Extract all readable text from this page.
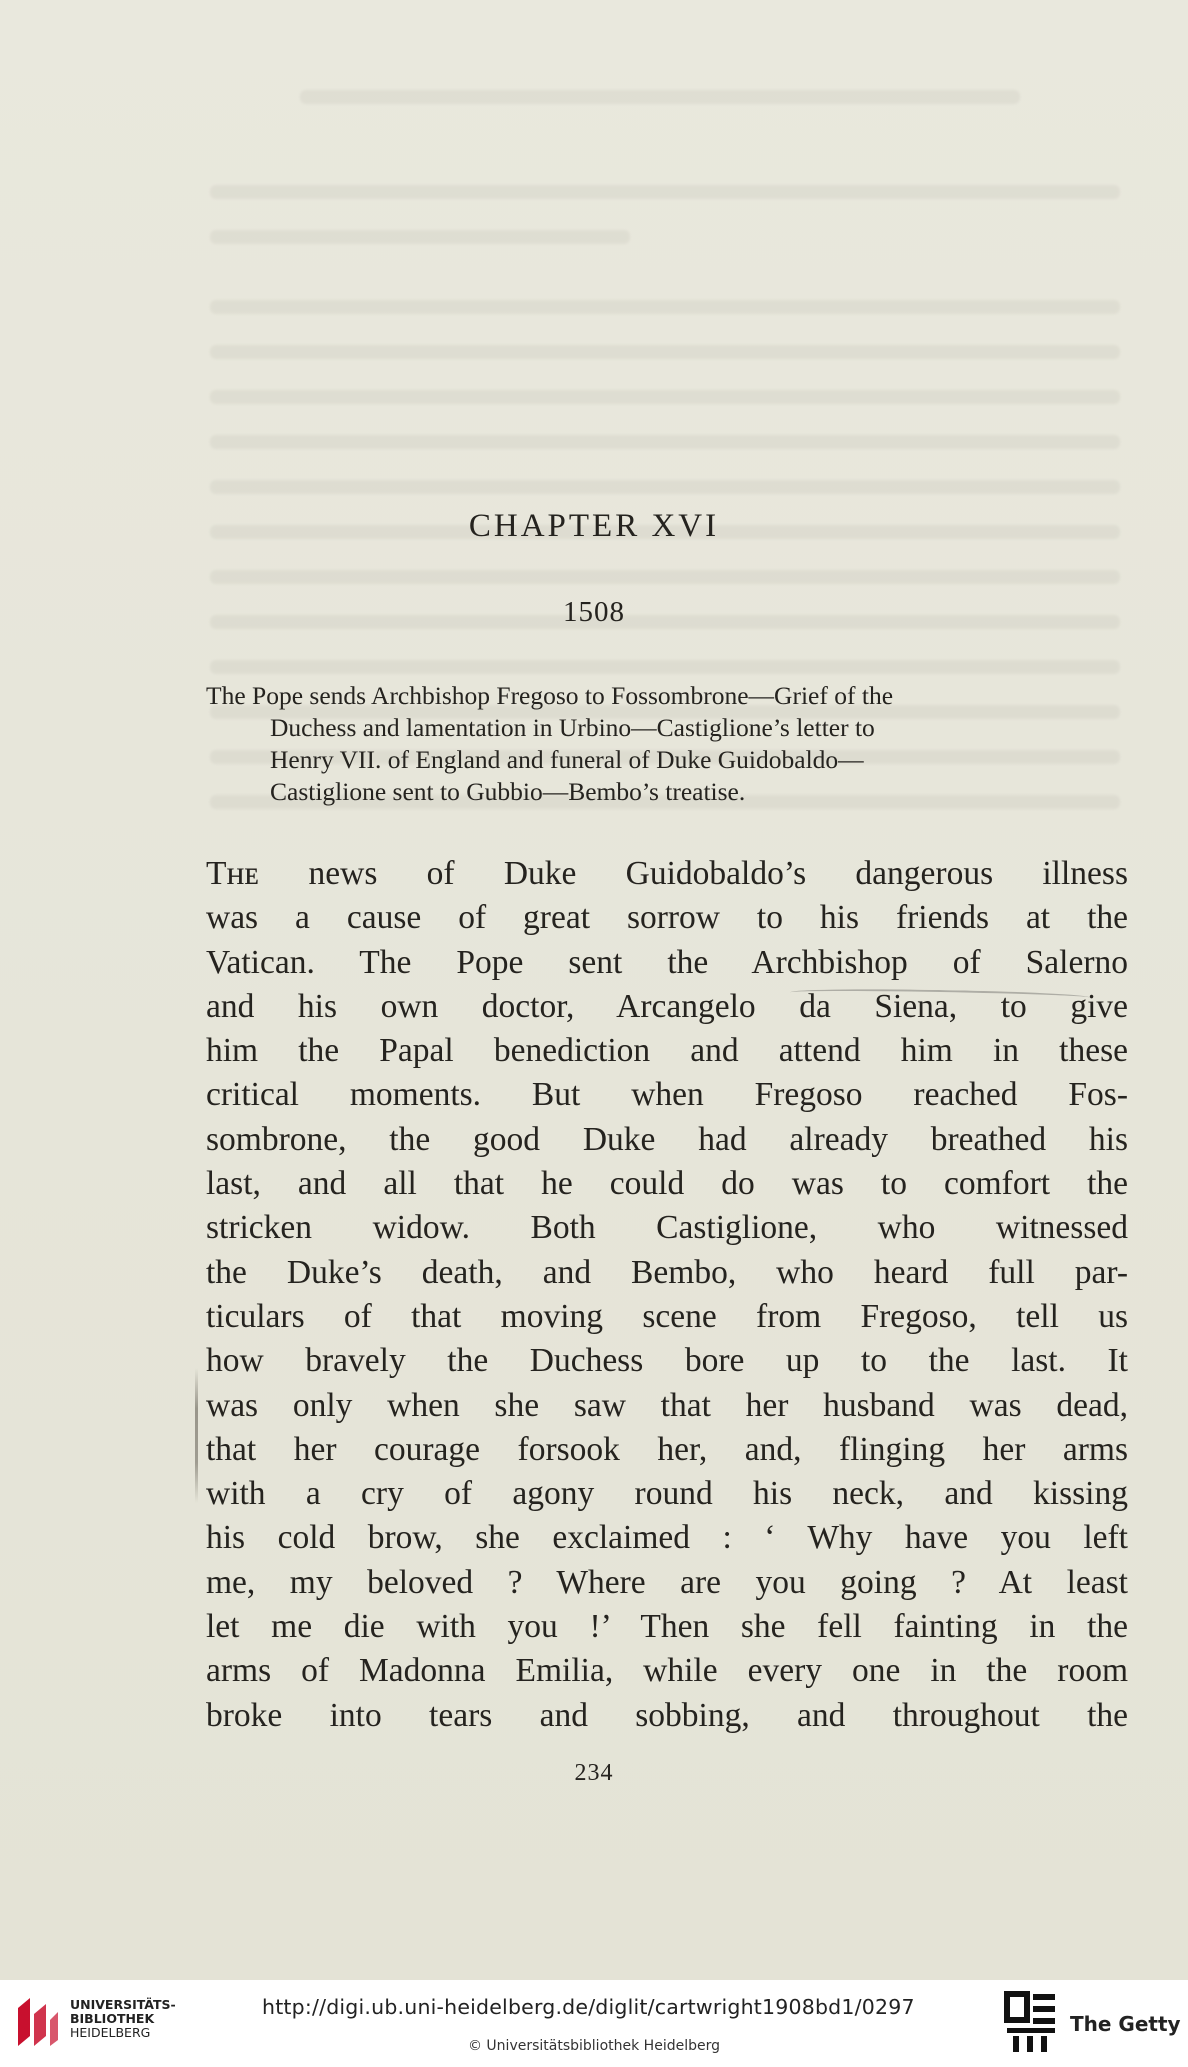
CHAPTER XVI
1508
The Pope sends Archbishop Fregoso to Fossombrone—Grief of the
Duchess and lamentation in Urbino—Castiglione’s letter to
Henry VII. of England and funeral of Duke Guidobaldo—
Castiglione sent to Gubbio—Bembo’s treatise.
Tʜᴇ news of Duke Guidobaldo’s dangerous illness
was a cause of great sorrow to his friends at the
Vatican. The Pope sent the Archbishop of Salerno
and his own doctor, Arcangelo da Siena, to give
him the Papal benediction and attend him in these
critical moments. But when Fregoso reached Fos-
sombrone, the good Duke had already breathed his
last, and all that he could do was to comfort the
stricken widow. Both Castiglione, who witnessed
the Duke’s death, and Bembo, who heard full par-
ticulars of that moving scene from Fregoso, tell us
how bravely the Duchess bore up to the last. It
was only when she saw that her husband was dead,
that her courage forsook her, and, flinging her arms
with a cry of agony round his neck, and kissing
his cold brow, she exclaimed : ‘ Why have you left
me, my beloved ? Where are you going ? At least
let me die with you !’ Then she fell fainting in the
arms of Madonna Emilia, while every one in the room
broke into tears and sobbing, and throughout the
234
UNIVERSITÄTS-
BIBLIOTHEK
HEIDELBERG
http://digi.ub.uni-heidelberg.de/diglit/cartwright1908bd1/0297
© Universitätsbibliothek Heidelberg
The Getty
